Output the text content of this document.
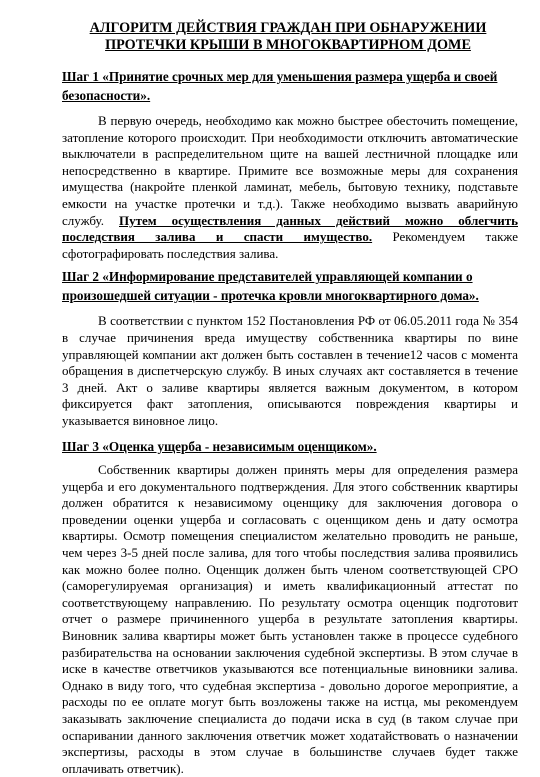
АЛГОРИТМ ДЕЙСТВИЯ ГРАЖДАН ПРИ ОБНАРУЖЕНИИ
ПРОТЕЧКИ КРЫШИ В МНОГОКВАРТИРНОМ ДОМЕ
Шаг 1 «Принятие срочных мер для уменьшения размера ущерба и своей безопасности».

В первую очередь, необходимо как можно быстрее обесточить помещение, затопление которого происходит. При необходимости отключить автоматические выключатели в распределительном щите на вашей лестничной площадке или непосредственно в квартире. Примите все возможные меры для сохранения имущества (накройте пленкой ламинат, мебель, бытовую технику, подставьте емкости на участке протечки и т.д.). Также необходимо вызвать аварийную службу. Путем осуществления данных действий можно облегчить последствия залива и спасти имущество. Рекомендуем также сфотографировать последствия залива.

Шаг 2 «Информирование представителей управляющей компании о произошедшей ситуации - протечка кровли многоквартирного дома».

В соответствии с пунктом 152 Постановления РФ от 06.05.2011 года № 354 в случае причинения вреда имуществу собственника квартиры по вине управляющей компании акт должен быть составлен в течение12 часов с момента обращения в диспетчерскую службу. В иных случаях акт составляется в течение 3 дней. Акт о заливе квартиры является важным документом, в котором фиксируется факт затопления, описываются повреждения квартиры и указывается виновное лицо.

Шаг 3 «Оценка ущерба - независимым оценщиком».

Собственник квартиры должен принять меры для определения размера ущерба и его документального подтверждения. Для этого собственник квартиры должен обратится к независимому оценщику для заключения договора о проведении оценки ущерба и согласовать с оценщиком день и дату осмотра квартиры. Осмотр помещения специалистом желательно проводить не раньше, чем через 3-5 дней после залива, для того чтобы последствия залива проявились как можно более полно. Оценщик должен быть членом соответствующей СРО (саморегулируемая организация) и иметь квалификационный аттестат по соответствующему направлению. По результату осмотра оценщик подготовит отчет о размере причиненного ущерба в результате затопления квартиры. Виновник залива квартиры может быть установлен также в процессе судебного разбирательства на основании заключения судебной экспертизы. В этом случае в иске в качестве ответчиков указываются все потенциальные виновники залива. Однако в виду того, что судебная экспертиза - довольно дорогое мероприятие, а расходы по ее оплате могут быть возложены также на истца, мы рекомендуем заказывать заключение специалиста до подачи иска в суд (в таком случае при оспаривании данного заключения ответчик может ходатайствовать о назначении экспертизы, расходы в этом случае в большинстве случаев будет также оплачивать ответчик).
